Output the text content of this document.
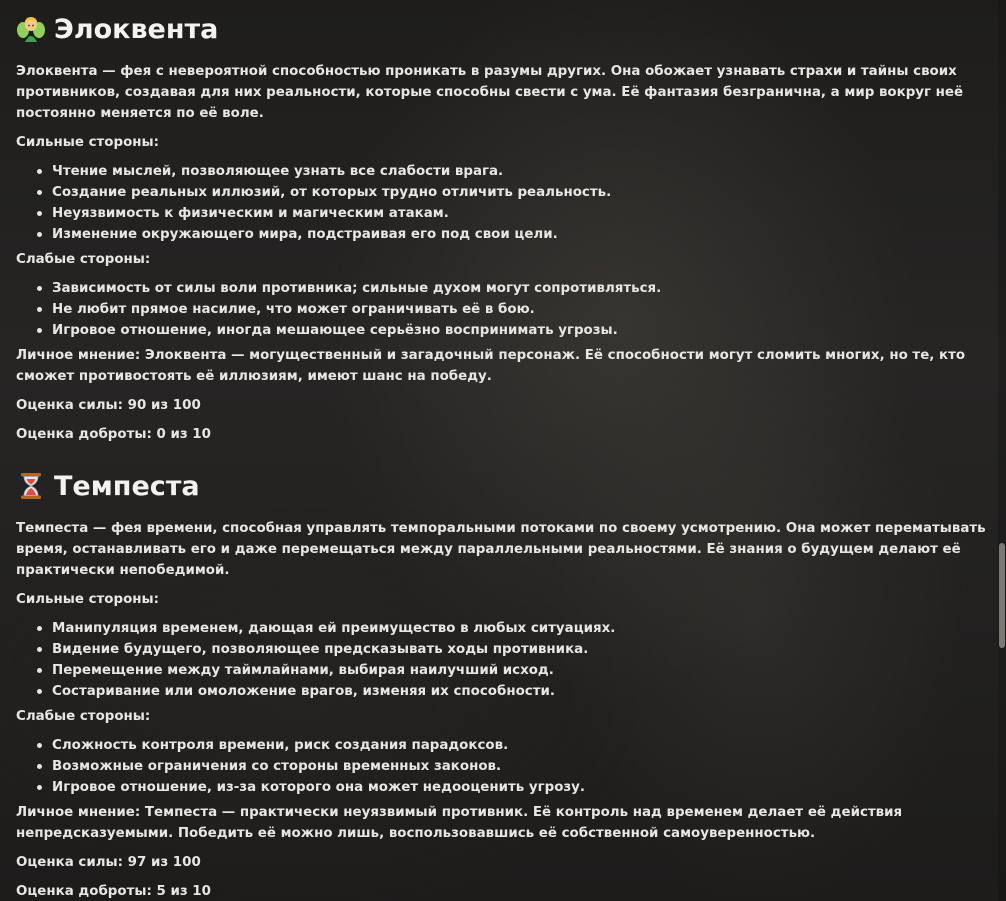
Элоквента

Элоквента — фея с невероятной способностью проникать в разумы других. Она обожает узнавать страхи и тайны своих противников, создавая для них реальности, которые способны свести с ума. Её фантазия безгранична, а мир вокруг неё постоянно меняется по её воле.

Сильные стороны:

Чтение мыслей, позволяющее узнать все слабости врага.
Создание реальных иллюзий, от которых трудно отличить реальность.
Неуязвимость к физическим и магическим атакам.
Изменение окружающего мира, подстраивая его под свои цели.

Слабые стороны:

Зависимость от силы воли противника; сильные духом могут сопротивляться.
Не любит прямое насилие, что может ограничивать её в бою.
Игровое отношение, иногда мешающее серьёзно воспринимать угрозы.

Личное мнение: Элоквента — могущественный и загадочный персонаж. Её способности могут сломить многих, но те, кто сможет противостоять её иллюзиям, имеют шанс на победу.

Оценка силы: 90 из 100

Оценка доброты: 0 из 10

Темпеста

Темпеста — фея времени, способная управлять темпоральными потоками по своему усмотрению. Она может перематывать время, останавливать его и даже перемещаться между параллельными реальностями. Её знания о будущем делают её практически непобедимой.

Сильные стороны:

Манипуляция временем, дающая ей преимущество в любых ситуациях.
Видение будущего, позволяющее предсказывать ходы противника.
Перемещение между таймлайнами, выбирая наилучший исход.
Состаривание или омоложение врагов, изменяя их способности.

Слабые стороны:

Сложность контроля времени, риск создания парадоксов.
Возможные ограничения со стороны временных законов.
Игровое отношение, из-за которого она может недооценить угрозу.

Личное мнение: Темпеста — практически неуязвимый противник. Её контроль над временем делает её действия непредсказуемыми. Победить её можно лишь, воспользовавшись её собственной самоуверенностью.

Оценка силы: 97 из 100

Оценка доброты: 5 из 10
